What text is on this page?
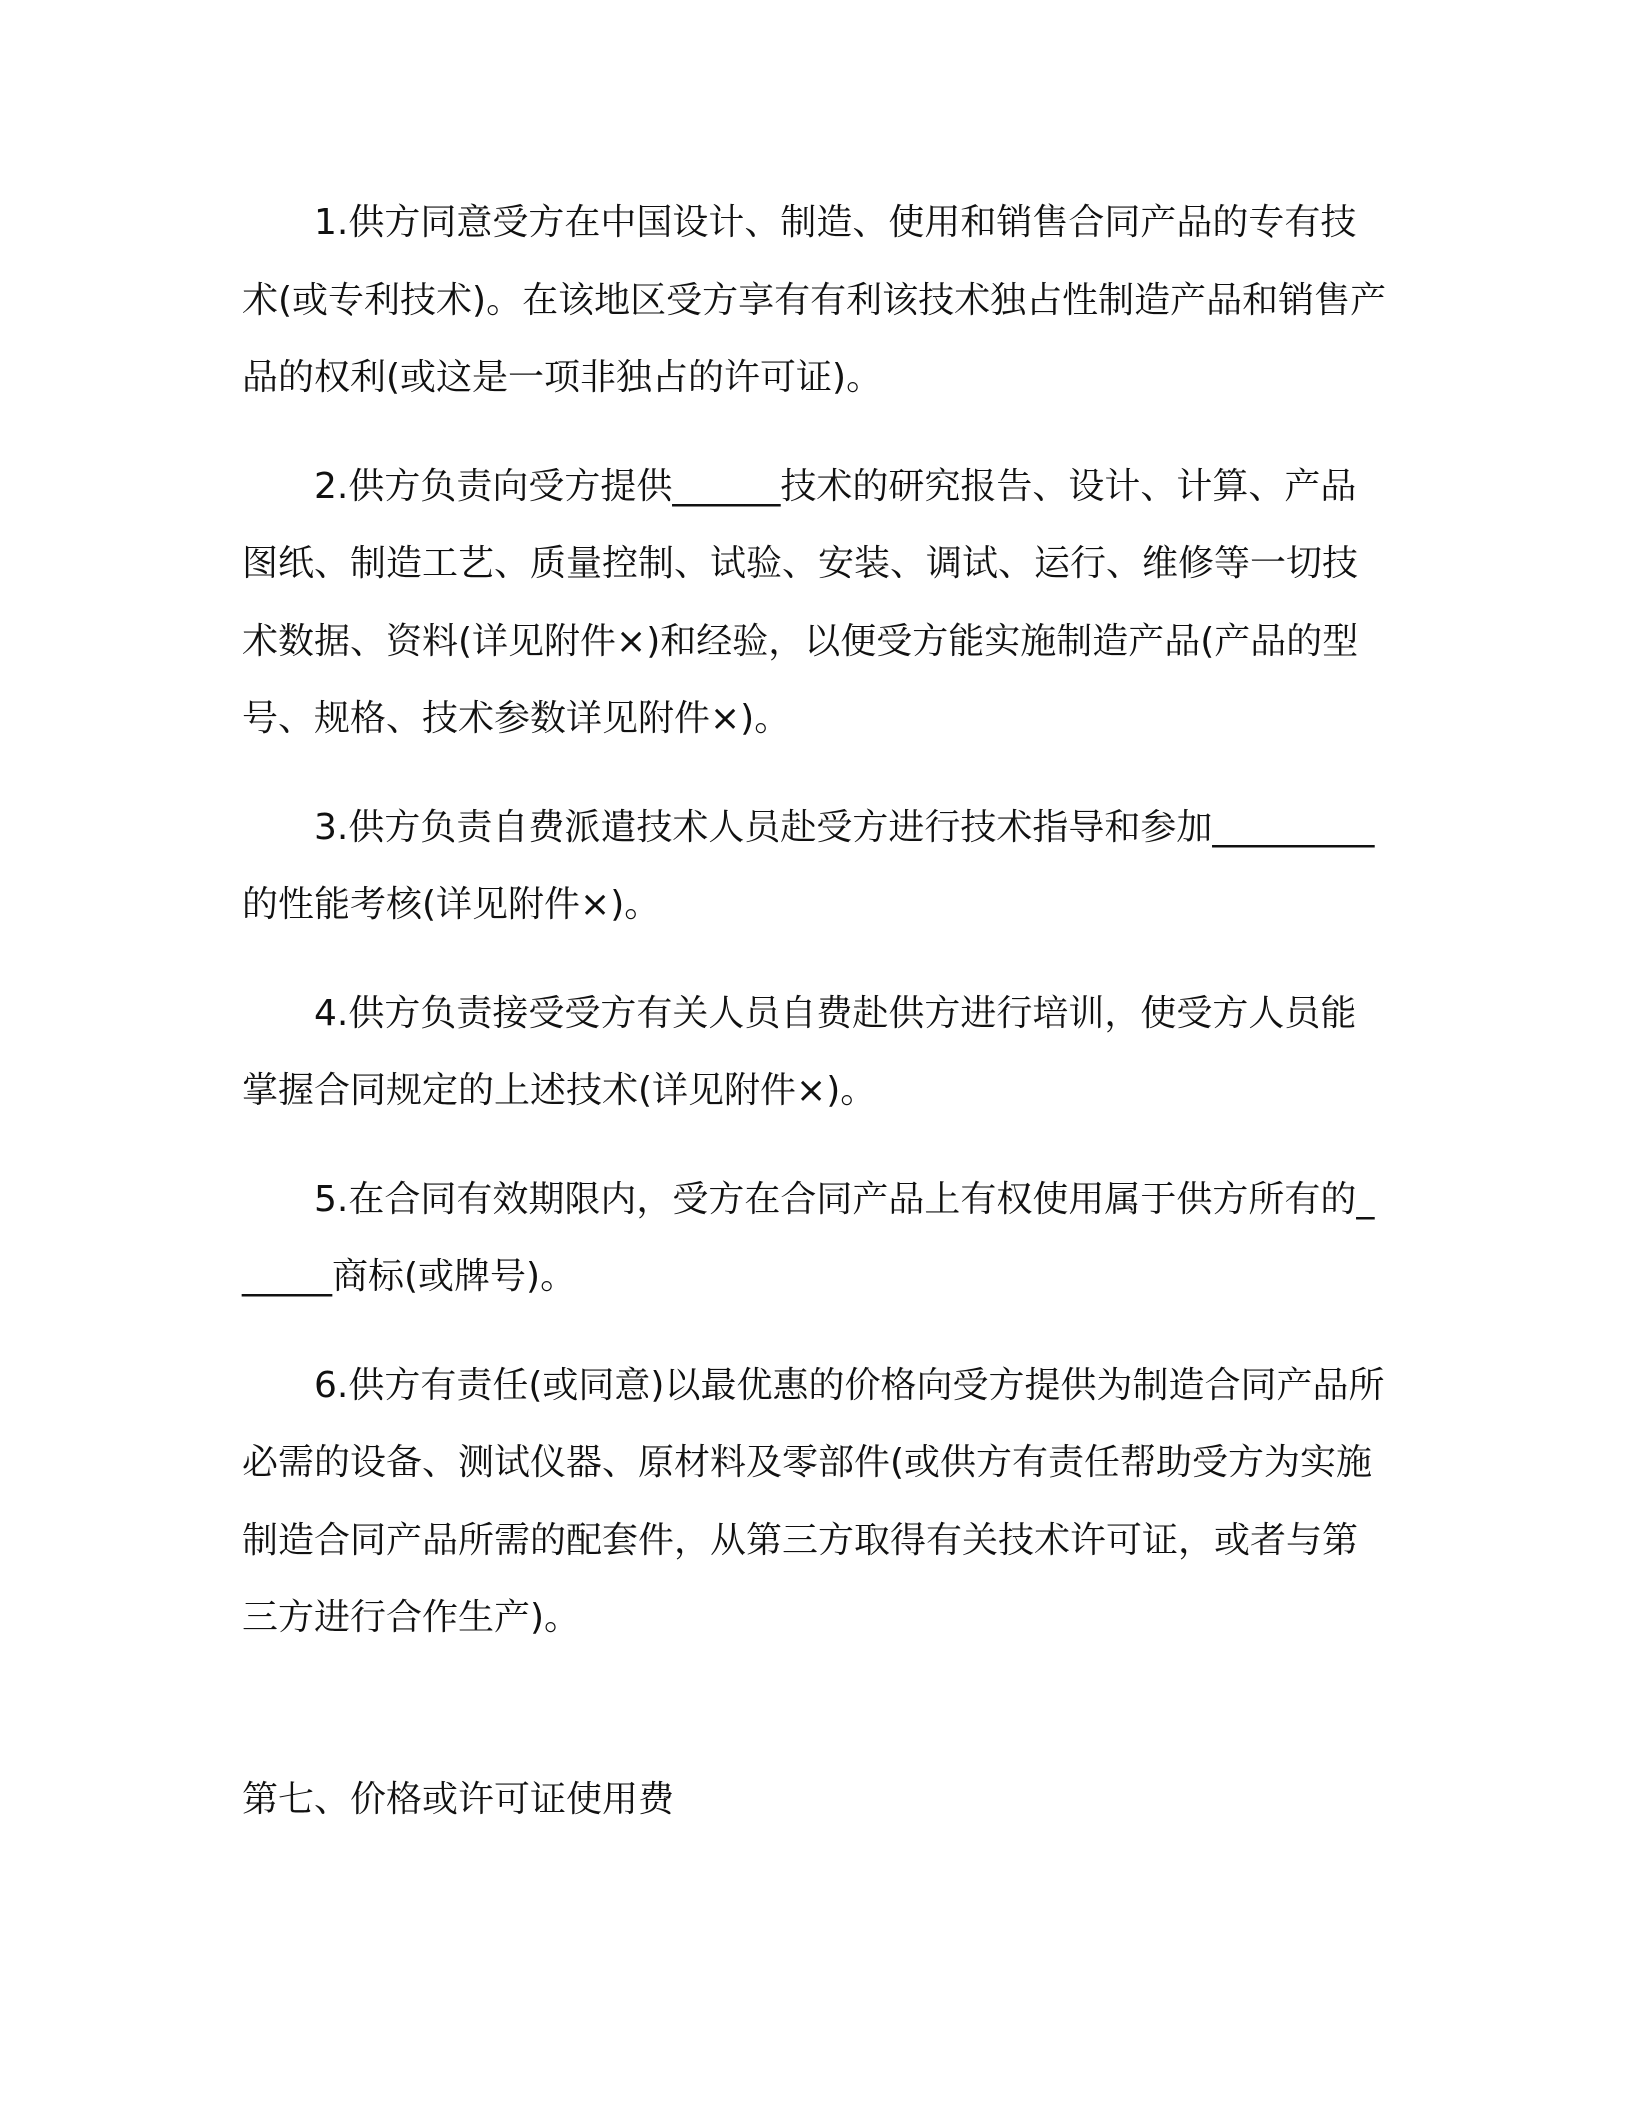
1.供方同意受方在中国设计、制造、使用和销售合同产品的专有技术(或专利技术)。在该地区受方享有有利该技术独占性制造产品和销售产品的权利(或这是一项非独占的许可证)。

2.供方负责向受方提供______技术的研究报告、设计、计算、产品图纸、制造工艺、质量控制、试验、安装、调试、运行、维修等一切技术数据、资料(详见附件×)和经验，以便受方能实施制造产品(产品的型号、规格、技术参数详见附件×)。

3.供方负责自费派遣技术人员赴受方进行技术指导和参加_________的性能考核(详见附件×)。

4.供方负责接受受方有关人员自费赴供方进行培训，使受方人员能掌握合同规定的上述技术(详见附件×)。

5.在合同有效期限内，受方在合同产品上有权使用属于供方所有的______商标(或牌号)。

6.供方有责任(或同意)以最优惠的价格向受方提供为制造合同产品所必需的设备、测试仪器、原材料及零部件(或供方有责任帮助受方为实施制造合同产品所需的配套件，从第三方取得有关技术许可证，或者与第三方进行合作生产)。

第七、价格或许可证使用费
